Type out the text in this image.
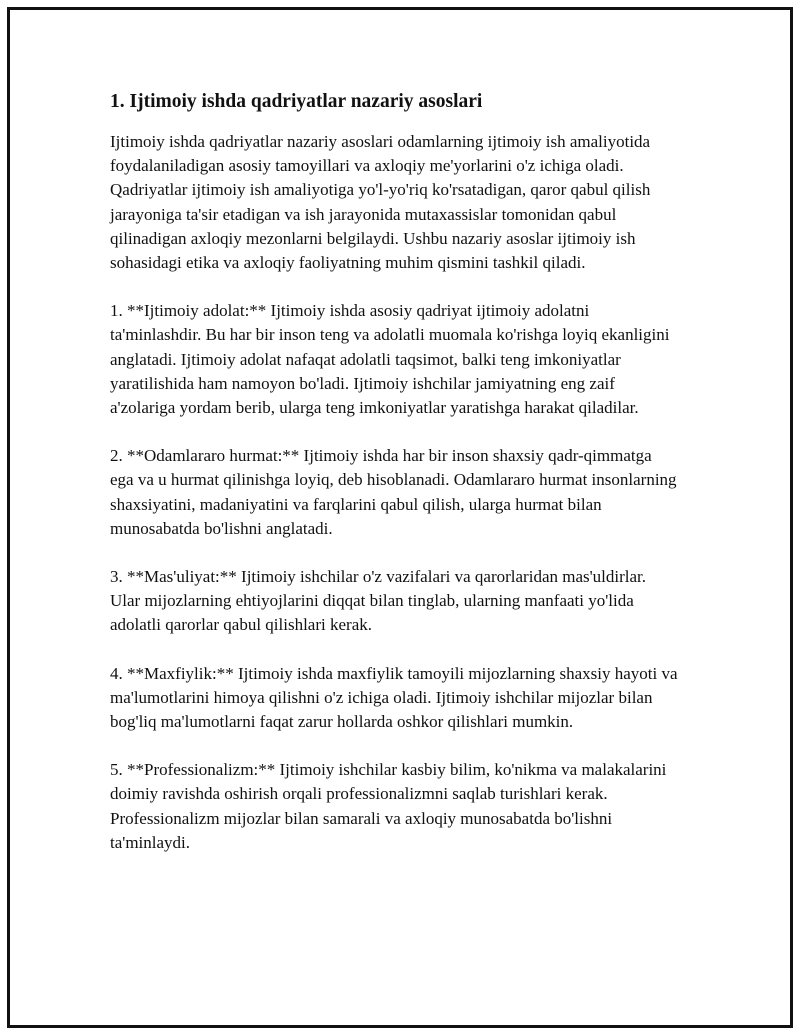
1. Ijtimoiy ishda qadriyatlar nazariy asoslari

Ijtimoiy ishda qadriyatlar nazariy asoslari odamlarning ijtimoiy ish amaliyotida foydalaniladigan asosiy tamoyillari va axloqiy me'yorlarini o'z ichiga oladi. Qadriyatlar ijtimoiy ish amaliyotiga yo'l-yo'riq ko'rsatadigan, qaror qabul qilish jarayoniga ta'sir etadigan va ish jarayonida mutaxassislar tomonidan qabul qilinadigan axloqiy mezonlarni belgilaydi. Ushbu nazariy asoslar ijtimoiy ish sohasidagi etika va axloqiy faoliyatning muhim qismini tashkil qiladi.

1. **Ijtimoiy adolat:** Ijtimoiy ishda asosiy qadriyat ijtimoiy adolatni ta'minlashdir. Bu har bir inson teng va adolatli muomala ko'rishga loyiq ekanligini anglatadi. Ijtimoiy adolat nafaqat adolatli taqsimot, balki teng imkoniyatlar yaratilishida ham namoyon bo'ladi. Ijtimoiy ishchilar jamiyatning eng zaif a'zolariga yordam berib, ularga teng imkoniyatlar yaratishga harakat qiladilar.

2. **Odamlararo hurmat:** Ijtimoiy ishda har bir inson shaxsiy qadr-qimmatga ega va u hurmat qilinishga loyiq, deb hisoblanadi. Odamlararo hurmat insonlarning shaxsiyatini, madaniyatini va farqlarini qabul qilish, ularga hurmat bilan munosabatda bo'lishni anglatadi.

3. **Mas'uliyat:** Ijtimoiy ishchilar o'z vazifalari va qarorlaridan mas'uldirlar. Ular mijozlarning ehtiyojlarini diqqat bilan tinglab, ularning manfaati yo'lida adolatli qarorlar qabul qilishlari kerak.

4. **Maxfiylik:** Ijtimoiy ishda maxfiylik tamoyili mijozlarning shaxsiy hayoti va ma'lumotlarini himoya qilishni o'z ichiga oladi. Ijtimoiy ishchilar mijozlar bilan bog'liq ma'lumotlarni faqat zarur hollarda oshkor qilishlari mumkin.

5. **Professionalizm:** Ijtimoiy ishchilar kasbiy bilim, ko'nikma va malakalarini doimiy ravishda oshirish orqali professionalizmni saqlab turishlari kerak. Professionalizm mijozlar bilan samarali va axloqiy munosabatda bo'lishni ta'minlaydi.
